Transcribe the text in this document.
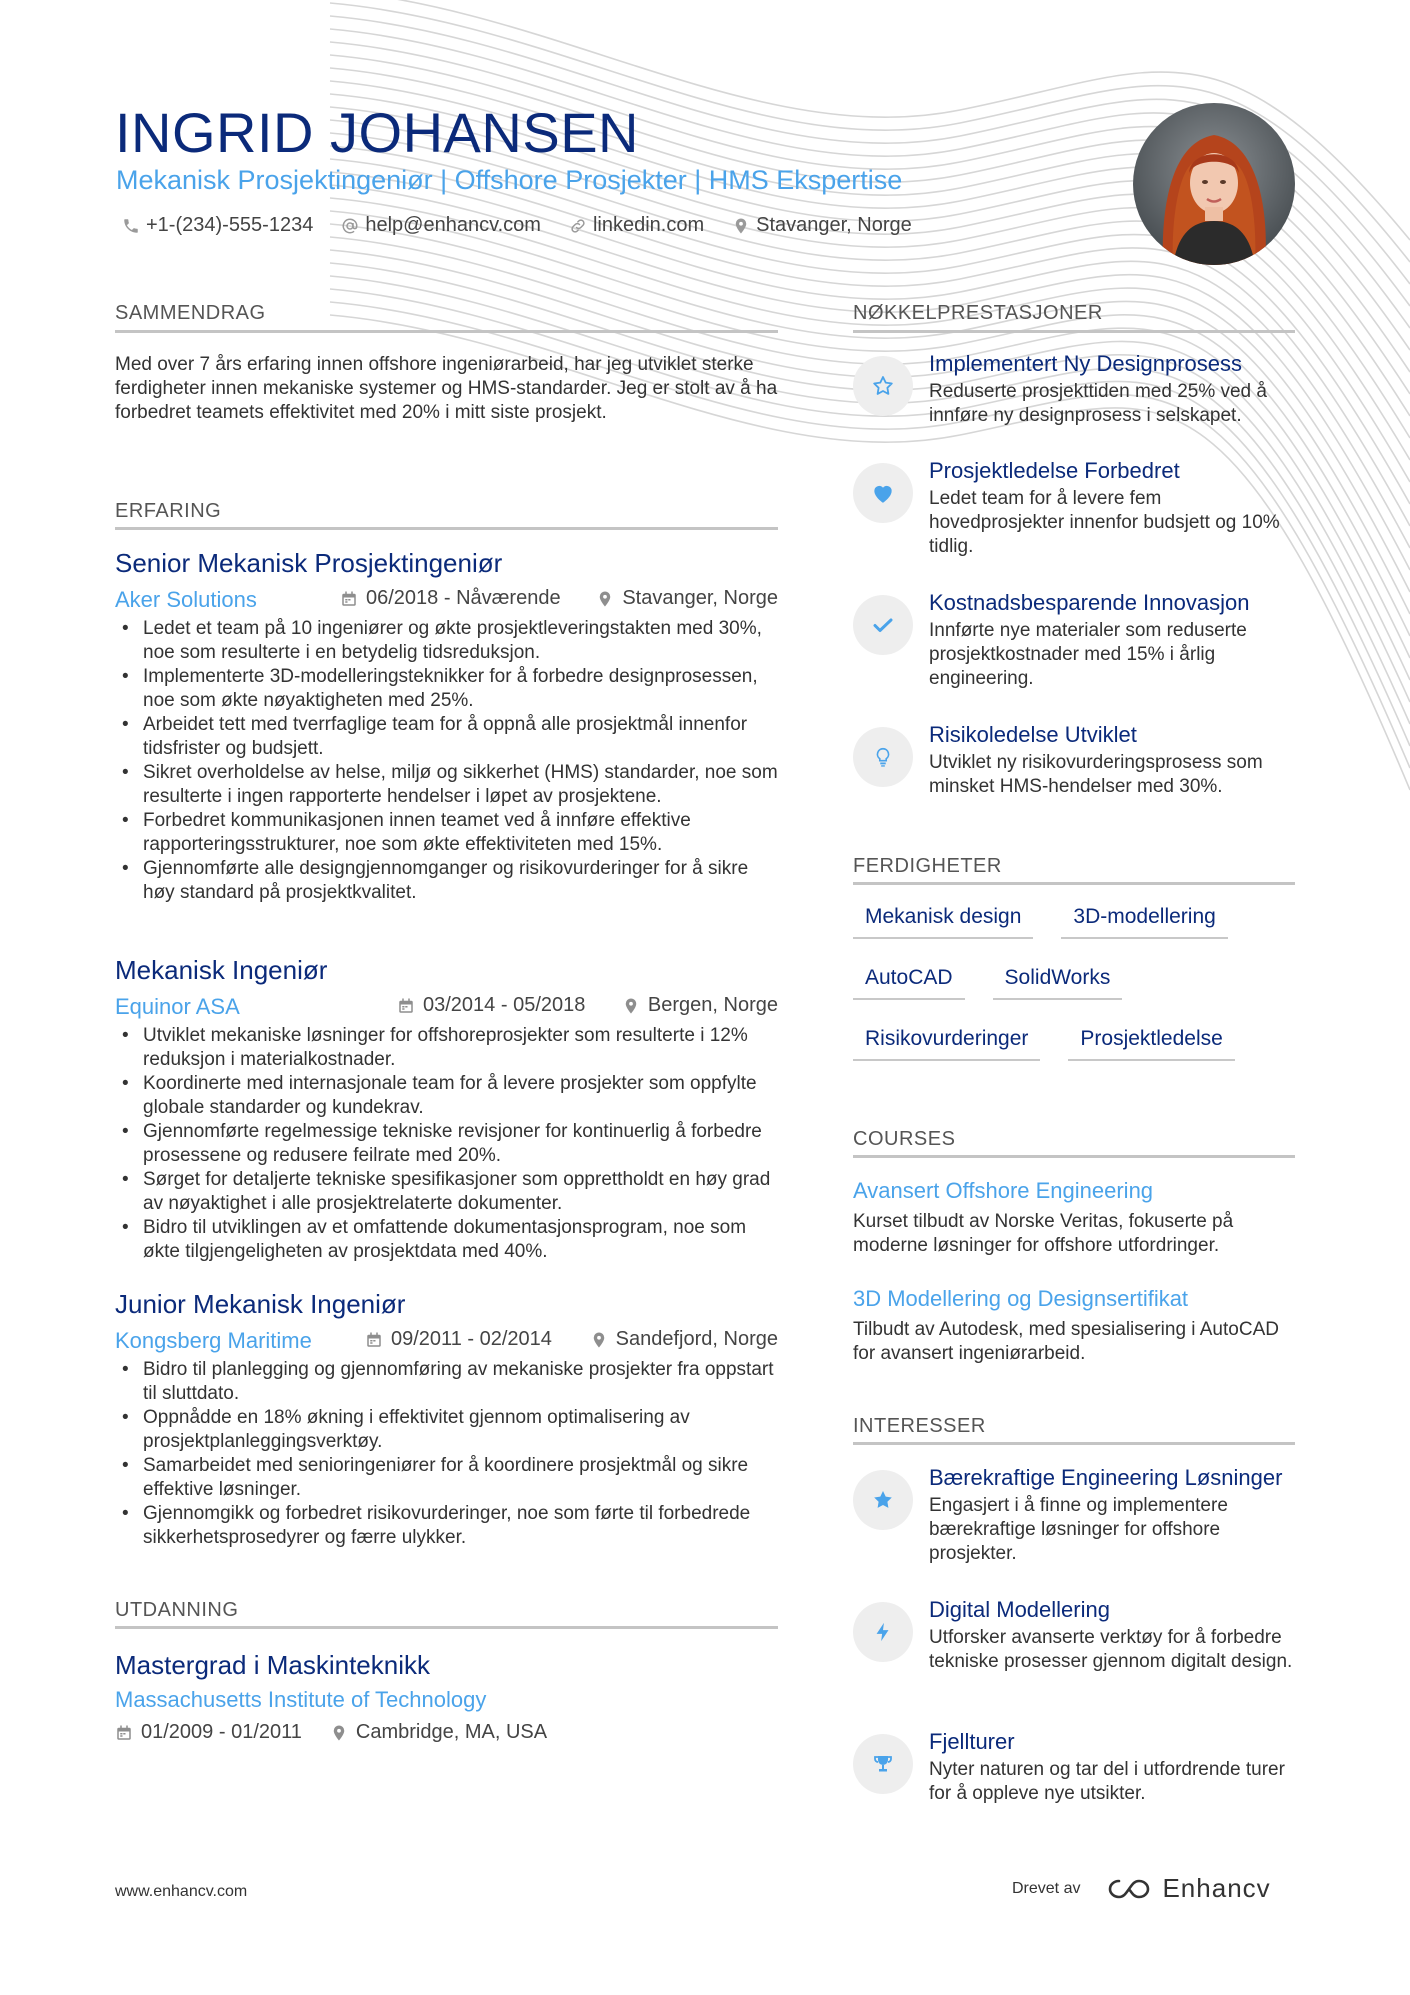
INGRID JOHANSEN
Mekanisk Prosjektingeniør | Offshore Prosjekter | HMS Ekspertise
+1-(234)-555-1234	help@enhancv.com	linkedin.com	Stavanger, Norge
SAMMENDRAG

Med over 7 års erfaring innen offshore ingeniørarbeid, har jeg utviklet sterke ferdigheter innen mekaniske systemer og HMS-standarder. Jeg er stolt av å ha forbedret teamets effektivitet med 20% i mitt siste prosjekt.

ERFARING
Senior Mekanisk Prosjektingeniør
Aker Solutions	06/2018 - Nåværende	Stavanger, Norge
• Ledet et team på 10 ingeniører og økte prosjektleveringstakten med 30%, noe som resulterte i en betydelig tidsreduksjon.
• Implementerte 3D-modelleringsteknikker for å forbedre designprosessen, noe som økte nøyaktigheten med 25%.
• Arbeidet tett med tverrfaglige team for å oppnå alle prosjektmål innenfor tidsfrister og budsjett.
• Sikret overholdelse av helse, miljø og sikkerhet (HMS) standarder, noe som resulterte i ingen rapporterte hendelser i løpet av prosjektene.
• Forbedret kommunikasjonen innen teamet ved å innføre effektive rapporteringsstrukturer, noe som økte effektiviteten med 15%.
• Gjennomførte alle designgjennomganger og risikovurderinger for å sikre høy standard på prosjektkvalitet.
Mekanisk Ingeniør
Equinor ASA	03/2014 - 05/2018	Bergen, Norge
• Utviklet mekaniske løsninger for offshoreprosjekter som resulterte i 12% reduksjon i materialkostnader.
• Koordinerte med internasjonale team for å levere prosjekter som oppfylte globale standarder og kundekrav.
• Gjennomførte regelmessige tekniske revisjoner for kontinuerlig å forbedre prosessene og redusere feilrate med 20%.
• Sørget for detaljerte tekniske spesifikasjoner som opprettholdt en høy grad av nøyaktighet i alle prosjektrelaterte dokumenter.
• Bidro til utviklingen av et omfattende dokumentasjonsprogram, noe som økte tilgjengeligheten av prosjektdata med 40%.
Junior Mekanisk Ingeniør
Kongsberg Maritime	09/2011 - 02/2014	Sandefjord, Norge
• Bidro til planlegging og gjennomføring av mekaniske prosjekter fra oppstart til sluttdato.
• Oppnådde en 18% økning i effektivitet gjennom optimalisering av prosjektplanleggingsverktøy.
• Samarbeidet med senioringeniører for å koordinere prosjektmål og sikre effektive løsninger.
• Gjennomgikk og forbedret risikovurderinger, noe som førte til forbedrede sikkerhetsprosedyrer og færre ulykker.
UTDANNING
Mastergrad i Maskinteknikk
Massachusetts Institute of Technology
01/2009 - 01/2011	Cambridge, MA, USA
NØKKELPRESTASJONER
Implementert Ny Designprosess
Reduserte prosjekttiden med 25% ved å innføre ny designprosess i selskapet.
Prosjektledelse Forbedret
Ledet team for å levere fem hovedprosjekter innenfor budsjett og 10% tidlig.
Kostnadsbesparende Innovasjon
Innførte nye materialer som reduserte prosjektkostnader med 15% i årlig engineering.
Risikoledelse Utviklet
Utviklet ny risikovurderingsprosess som minsket HMS-hendelser med 30%.
FERDIGHETER
Mekanisk design	3D-modellering
AutoCAD	SolidWorks
Risikovurderinger	Prosjektledelse
COURSES
Avansert Offshore Engineering
Kurset tilbudt av Norske Veritas, fokuserte på moderne løsninger for offshore utfordringer.
3D Modellering og Designsertifikat
Tilbudt av Autodesk, med spesialisering i AutoCAD for avansert ingeniørarbeid.
INTERESSER
Bærekraftige Engineering Løsninger
Engasjert i å finne og implementere bærekraftige løsninger for offshore prosjekter.
Digital Modellering
Utforsker avanserte verktøy for å forbedre tekniske prosesser gjennom digitalt design.
Fjellturer
Nyter naturen og tar del i utfordrende turer for å oppleve nye utsikter.
www.enhancv.com	Drevet av	Enhancv
